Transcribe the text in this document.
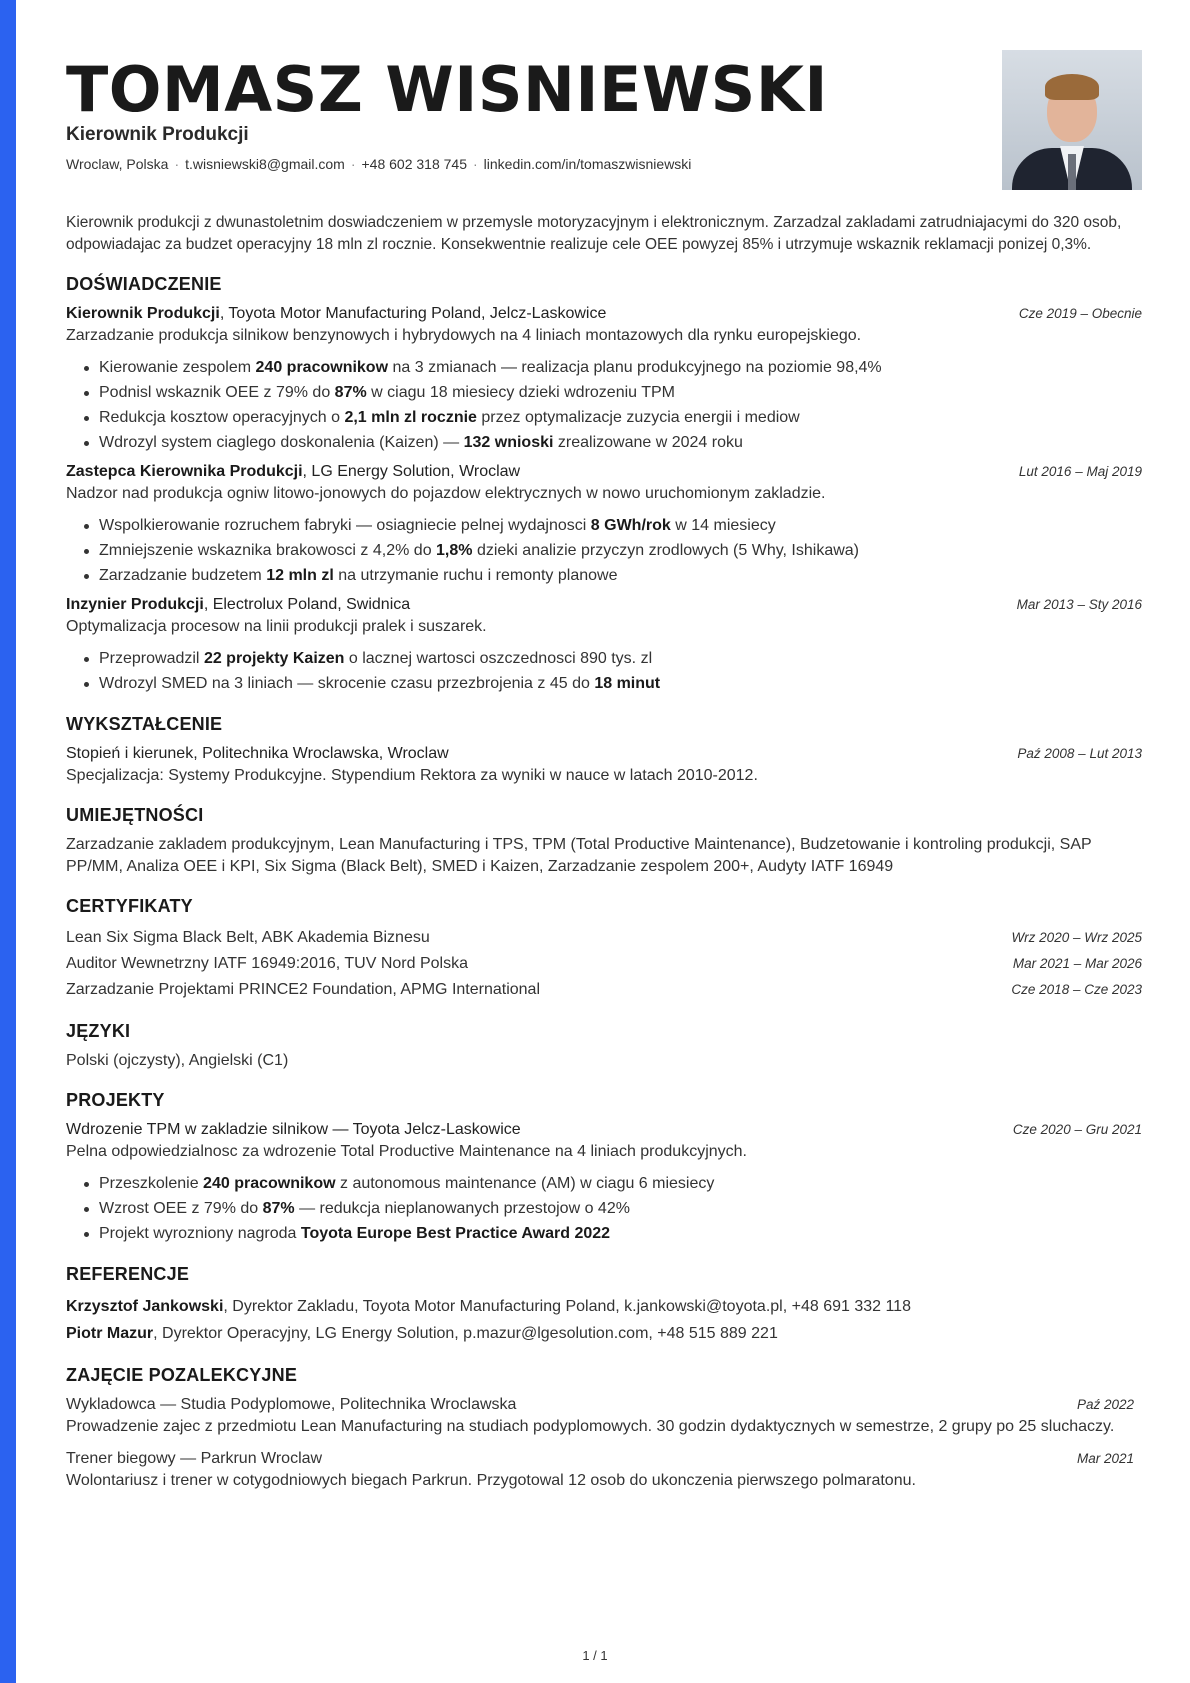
TOMASZ WISNIEWSKI
Kierownik Produkcji
Wroclaw, Polska · t.wisniewski8@gmail.com · +48 602 318 745 · linkedin.com/in/tomaszwisniewski
Kierownik produkcji z dwunastoletnim doswiadczeniem w przemysle motoryzacyjnym i elektronicznym. Zarzadzal zakladami zatrudniajacymi do 320 osob, odpowiadajac za budzet operacyjny 18 mln zl rocznie. Konsekwentnie realizuje cele OEE powyzej 85% i utrzymuje wskaznik reklamacji ponizej 0,3%.
DOŚWIADCZENIE
Kierownik Produkcji, Toyota Motor Manufacturing Poland, Jelcz-Laskowice	Cze 2019 – Obecnie
Zarzadzanie produkcja silnikow benzynowych i hybrydowych na 4 liniach montazowych dla rynku europejskiego.
Kierowanie zespolem 240 pracownikow na 3 zmianach — realizacja planu produkcyjnego na poziomie 98,4%
Podnisl wskaznik OEE z 79% do 87% w ciagu 18 miesiecy dzieki wdrozeniu TPM
Redukcja kosztow operacyjnych o 2,1 mln zl rocznie przez optymalizacje zuzycia energii i mediow
Wdrozyl system ciaglego doskonalenia (Kaizen) — 132 wnioski zrealizowane w 2024 roku
Zastepca Kierownika Produkcji, LG Energy Solution, Wroclaw	Lut 2016 – Maj 2019
Nadzor nad produkcja ogniw litowo-jonowych do pojazdow elektrycznych w nowo uruchomionym zakladzie.
Wspolkierowanie rozruchem fabryki — osiagniecie pelnej wydajnosci 8 GWh/rok w 14 miesiecy
Zmniejszenie wskaznika brakowosci z 4,2% do 1,8% dzieki analizie przyczyn zrodlowych (5 Why, Ishikawa)
Zarzadzanie budzetem 12 mln zl na utrzymanie ruchu i remonty planowe
Inzynier Produkcji, Electrolux Poland, Swidnica	Mar 2013 – Sty 2016
Optymalizacja procesow na linii produkcji pralek i suszarek.
Przeprowadzil 22 projekty Kaizen o lacznej wartosci oszczednosci 890 tys. zl
Wdrozyl SMED na 3 liniach — skrocenie czasu przezbrojenia z 45 do 18 minut
WYKSZTAŁCENIE
Stopień i kierunek, Politechnika Wroclawska, Wroclaw	Paź 2008 – Lut 2013
Specjalizacja: Systemy Produkcyjne. Stypendium Rektora za wyniki w nauce w latach 2010-2012.
UMIEJĘTNOŚCI
Zarzadzanie zakladem produkcyjnym, Lean Manufacturing i TPS, TPM (Total Productive Maintenance), Budzetowanie i kontroling produkcji, SAP PP/MM, Analiza OEE i KPI, Six Sigma (Black Belt), SMED i Kaizen, Zarzadzanie zespolem 200+, Audyty IATF 16949
CERTYFIKATY
Lean Six Sigma Black Belt, ABK Akademia Biznesu	Wrz 2020 – Wrz 2025
Auditor Wewnetrzny IATF 16949:2016, TUV Nord Polska	Mar 2021 – Mar 2026
Zarzadzanie Projektami PRINCE2 Foundation, APMG International	Cze 2018 – Cze 2023
JĘZYKI
Polski (ojczysty), Angielski (C1)
PROJEKTY
Wdrozenie TPM w zakladzie silnikow — Toyota Jelcz-Laskowice	Cze 2020 – Gru 2021
Pelna odpowiedzialnosc za wdrozenie Total Productive Maintenance na 4 liniach produkcyjnych.
Przeszkolenie 240 pracownikow z autonomous maintenance (AM) w ciagu 6 miesiecy
Wzrost OEE z 79% do 87% — redukcja nieplanowanych przestojow o 42%
Projekt wyrozniony nagroda Toyota Europe Best Practice Award 2022
REFERENCJE
Krzysztof Jankowski, Dyrektor Zakladu, Toyota Motor Manufacturing Poland, k.jankowski@toyota.pl, +48 691 332 118
Piotr Mazur, Dyrektor Operacyjny, LG Energy Solution, p.mazur@lgesolution.com, +48 515 889 221
ZAJĘCIE POZALEKCYJNE
Wykladowca — Studia Podyplomowe, Politechnika Wroclawska	Paź 2022
Prowadzenie zajec z przedmiotu Lean Manufacturing na studiach podyplomowych. 30 godzin dydaktycznych w semestrze, 2 grupy po 25 sluchaczy.
Trener biegowy — Parkrun Wroclaw	Mar 2021
Wolontariusz i trener w cotygodniowych biegach Parkrun. Przygotowal 12 osob do ukonczenia pierwszego polmaratonu.
1 / 1
